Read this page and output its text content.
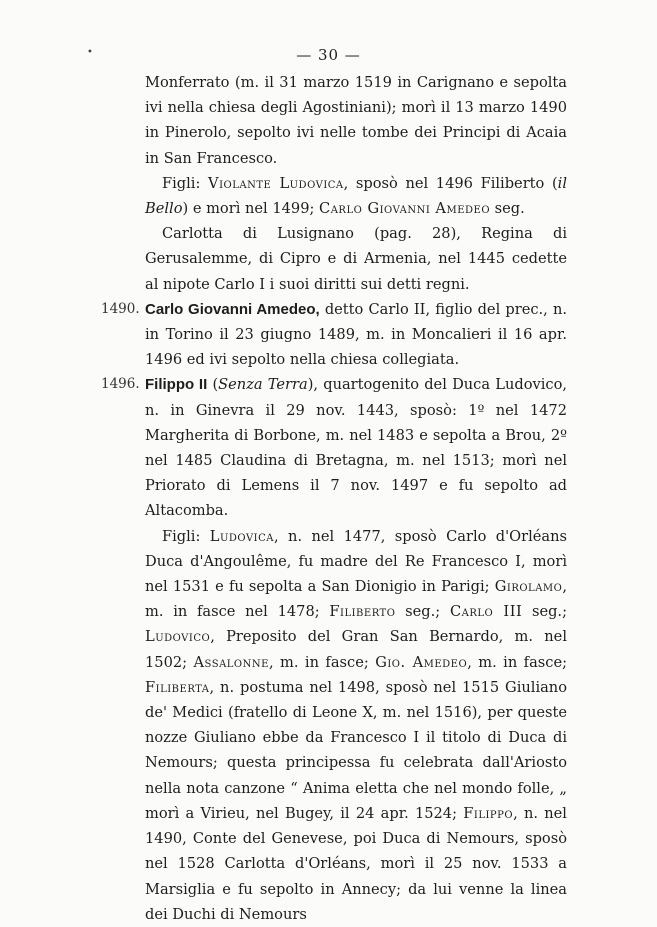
•	— 30 —

Monferrato (m. il 31 marzo 1519 in Carignano e sepolta ivi nella chiesa degli Agostiniani); morì il 13 marzo 1490 in Pinerolo, sepolto ivi nelle tombe dei Principi di Acaia in San Francesco.

Figli: Violante Ludovica, sposò nel 1496 Filiberto (il Bello) e morì nel 1499; Carlo Giovanni Amedeo seg.

Carlotta di Lusignano (pag. 28), Regina di Gerusalemme, di Cipro e di Armenia, nel 1445 cedette al nipote Carlo I i suoi diritti sui detti regni.

1490. Carlo Giovanni Amedeo, detto Carlo II, figlio del prec., n. in Torino il 23 giugno 1489, m. in Moncalieri il 16 apr. 1496 ed ivi sepolto nella chiesa collegiata.

1496. Filippo II (Senza Terra), quartogenito del Duca Ludovico, n. in Ginevra il 29 nov. 1443, sposò: 1º nel 1472 Margherita di Borbone, m. nel 1483 e sepolta a Brou, 2º nel 1485 Claudina di Bretagna, m. nel 1513; morì nel Priorato di Lemens il 7 nov. 1497 e fu sepolto ad Altacomba.

Figli: Ludovica, n. nel 1477, sposò Carlo d'Orléans Duca d'Angoulême, fu madre del Re Francesco I, morì nel 1531 e fu sepolta a San Dionigio in Parigi; Girolamo, m. in fasce nel 1478; Filiberto seg.; Carlo III seg.; Ludovico, Preposito del Gran San Bernardo, m. nel 1502; Assalonne, m. in fasce; Gio. Amedeo, m. in fasce; Filiberta, n. postuma nel 1498, sposò nel 1515 Giuliano de' Medici (fratello di Leone X, m. nel 1516), per queste nozze Giuliano ebbe da Francesco I il titolo di Duca di Nemours; questa principessa fu celebrata dall'Ariosto nella nota canzone “ Anima eletta che nel mondo folle, „ morì a Virieu, nel Bugey, il 24 apr. 1524; Filippo, n. nel 1490, Conte del Genevese, poi Duca di Nemours, sposò nel 1528 Carlotta d'Orléans, morì il 25 nov. 1533 a Marsiglia e fu sepolto in Annecy; da lui venne la linea dei Duchi di Nemours
